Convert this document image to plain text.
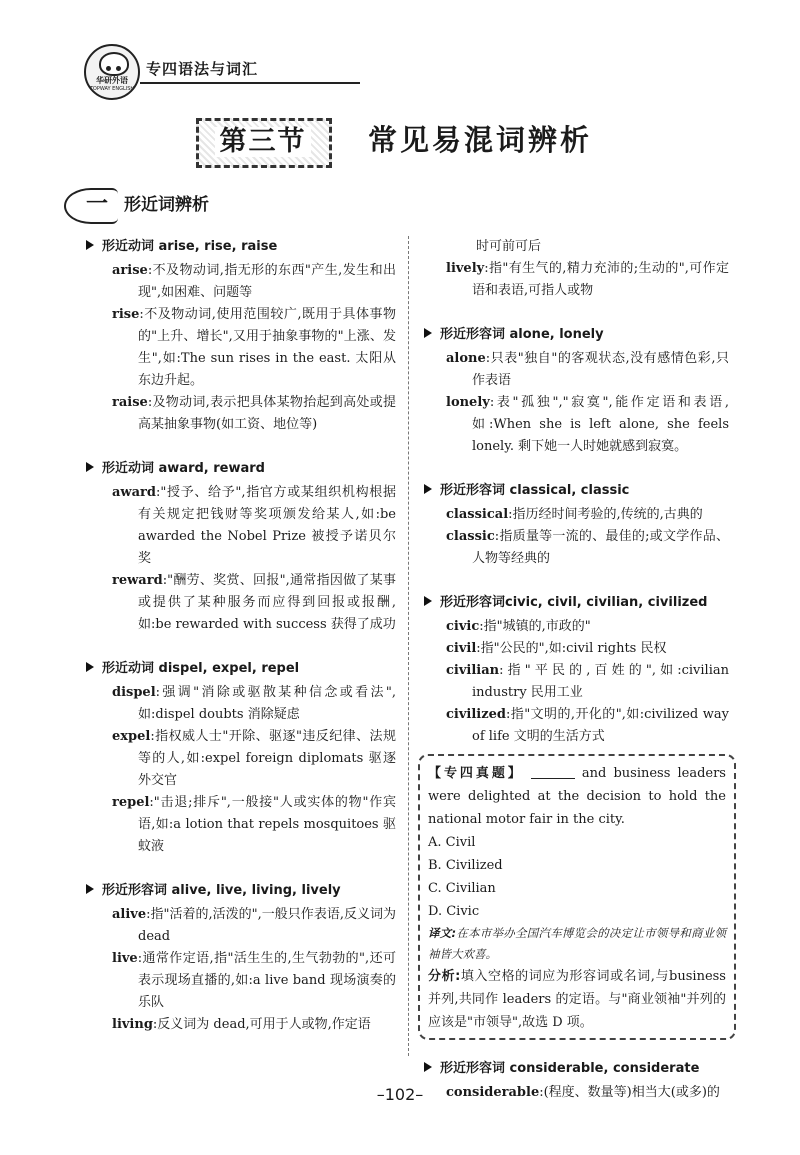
华研外语
TOPWAY ENGLISH
专四语法与词汇
第三节 常见易混词辨析
一 形近词辨析
形近动词 arise, rise, raise
arise:不及物动词,指无形的东西"产生,发生和出现",如困难、问题等
rise:不及物动词,使用范围较广,既用于具体事物的"上升、增长",又用于抽象事物的"上涨、发生",如:The sun rises in the east. 太阳从东边升起。
raise:及物动词,表示把具体某物抬起到高处或提高某抽象事物(如工资、地位等)
形近动词 award, reward
award:"授予、给予",指官方或某组织机构根据有关规定把钱财等奖项颁发给某人,如:be awarded the Nobel Prize 被授予诺贝尔奖
reward:"酬劳、奖赏、回报",通常指因做了某事或提供了某种服务而应得到回报或报酬,如:be rewarded with success 获得了成功
形近动词 dispel, expel, repel
dispel:强调"消除或驱散某种信念或看法",如:dispel doubts 消除疑虑
expel:指权威人士"开除、驱逐"违反纪律、法规等的人,如:expel foreign diplomats 驱逐外交官
repel:"击退;排斥",一般接"人或实体的物"作宾语,如:a lotion that repels mosquitoes 驱蚊液
形近形容词 alive, live, living, lively
alive:指"活着的,活泼的",一般只作表语,反义词为 dead
live:通常作定语,指"活生生的,生气勃勃的",还可表示现场直播的,如:a live band 现场演奏的乐队
living:反义词为 dead,可用于人或物,作定语
时可前可后
lively:指"有生气的,精力充沛的;生动的",可作定语和表语,可指人或物
形近形容词 alone, lonely
alone:只表"独自"的客观状态,没有感情色彩,只作表语
lonely:表"孤独","寂寞",能作定语和表语,如:When she is left alone, she feels lonely. 剩下她一人时她就感到寂寞。
形近形容词 classical, classic
classical:指历经时间考验的,传统的,古典的
classic:指质量等一流的、最佳的;或文学作品、人物等经典的
形近形容词civic, civil, civilian, civilized
civic:指"城镇的,市政的"
civil:指"公民的",如:civil rights 民权
civilian:指"平民的,百姓的",如:civilian industry 民用工业
civilized:指"文明的,开化的",如:civilized way of life 文明的生活方式

【专四真题】	and business leaders were delighted at the decision to hold the national motor fair in the city.

A. Civil
B. Civilized
C. Civilian
D. Civic

译文:在本市举办全国汽车博览会的决定让市领导和商业领袖皆大欢喜。

分析:填入空格的词应为形容词或名词,与business并列,共同作 leaders 的定语。与"商业领袖"并列的应该是"市领导",故选 D 项。

形近形容词 considerable, considerate
considerable:(程度、数量等)相当大(或多)的
–102–
